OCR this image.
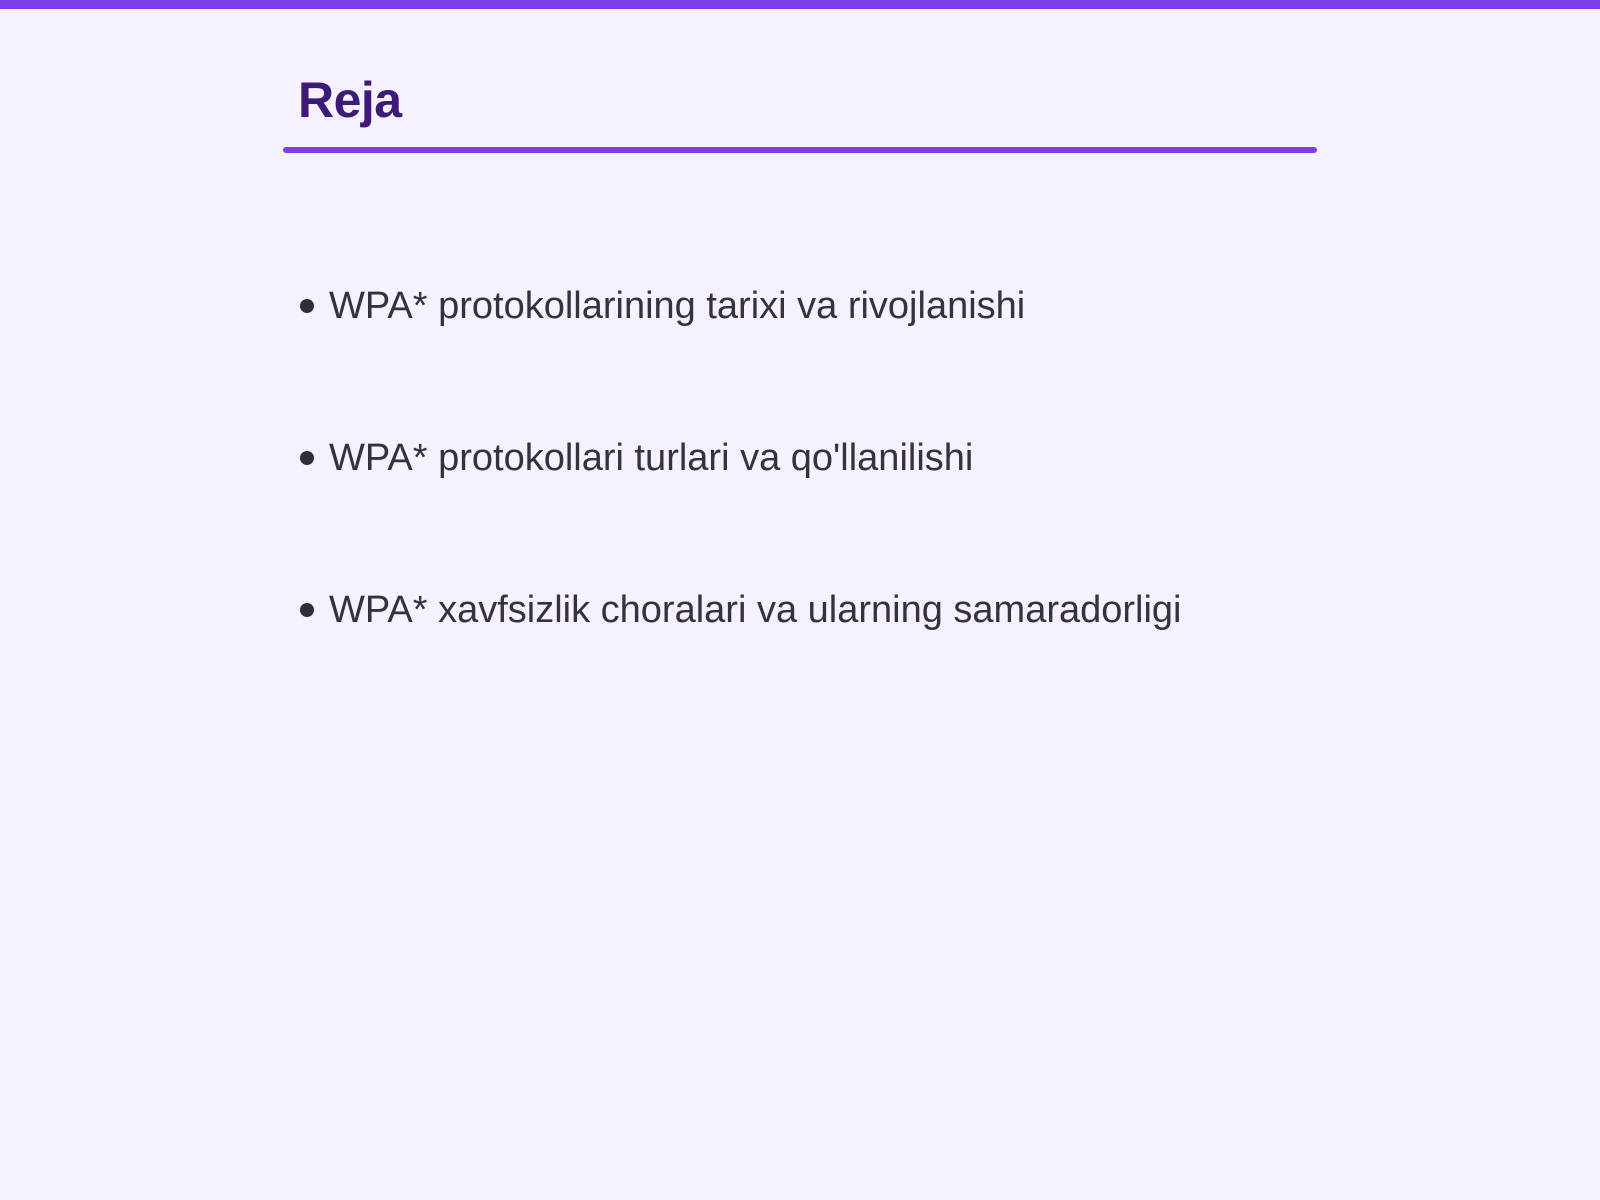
Reja
WPA* protokollarining tarixi va rivojlanishi
WPA* protokollari turlari va qo'llanilishi
WPA* xavfsizlik choralari va ularning samaradorligi
